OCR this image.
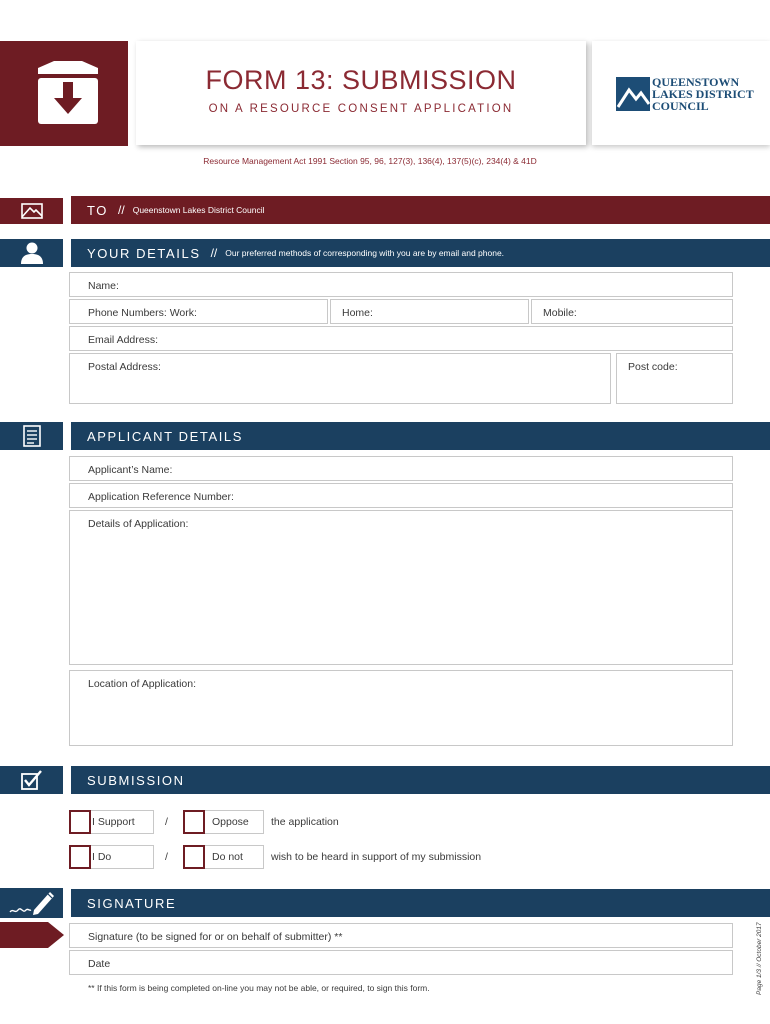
FORM 13: SUBMISSION
ON A RESOURCE CONSENT APPLICATION
QUEENSTOWN
LAKES DISTRICT
COUNCIL
Resource Management Act 1991 Section 95, 96, 127(3), 136(4), 137(5)(c), 234(4) & 41D
TO // Queenstown Lakes District Council
YOUR DETAILS // Our preferred methods of corresponding with you are by email and phone.
Name:
Phone Numbers: Work:	Home:	Mobile:
Email Address:
Postal Address:	Post code:
APPLICANT DETAILS
Applicant’s Name:
Application Reference Number:
Details of Application:
Location of Application:
SUBMISSION
I Support	/	Oppose the application
I Do	/	Do not	wish to be heard in support of my submission
SIGNATURE
Signature (to be signed for or on behalf of submitter) **
Date
** If this form is being completed on-line you may not be able, or required, to sign this form.	Page 1/3 // October 2017
